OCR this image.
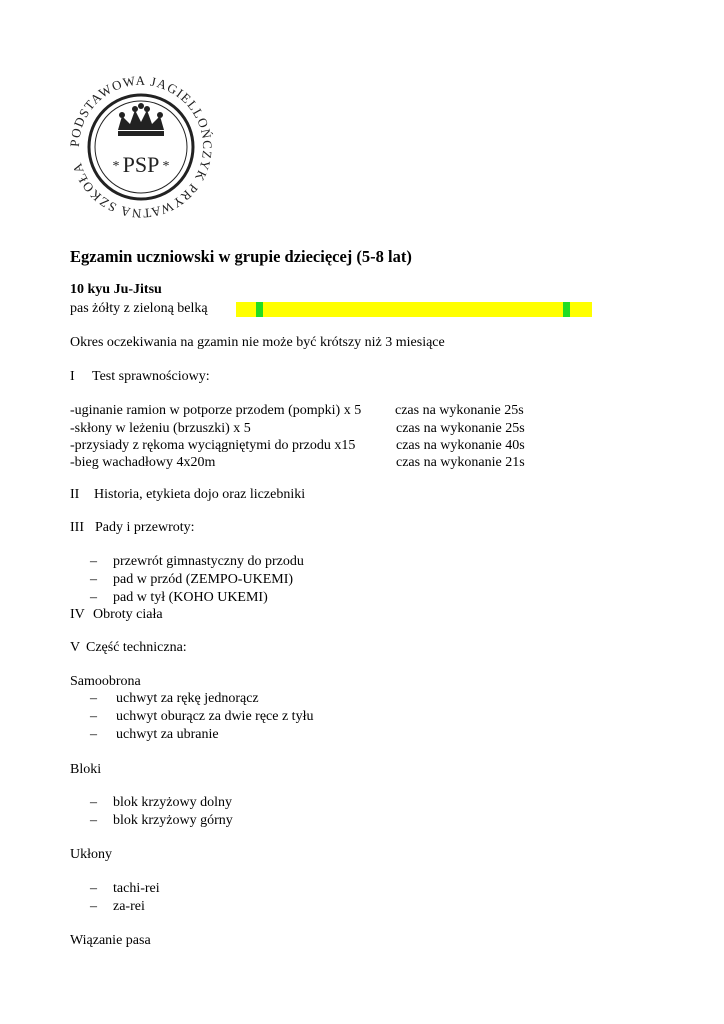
PODSTAWOWA JAGIELLOŃCZYK PRYWATNA SZKOŁA	PSP
*	*
Egzamin uczniowski w grupie dziecięcej (5-8 lat)
10 kyu Ju-Jitsu
pas żółty z zieloną belką
Okres oczekiwania na gzamin nie może być krótszy niż 3 miesiące
I Test sprawnościowy:
-uginanie ramion w potporze przodem (pompki) x 5 czas na wykonanie 25s
-skłony w leżeniu (brzuszki) x 5	czas na wykonanie 25s
-przysiady z rękoma wyciągniętymi do przodu x15	czas na wykonanie 40s
-bieg wachadłowy 4x20m	czas na wykonanie 21s
II Historia, etykieta dojo oraz liczebniki
III Pady i przewroty:
– przewrót gimnastyczny do przodu
– pad w przód (ZEMPO-UKEMI)
– pad w tył (KOHO UKEMI)
IV Obroty ciała
V Część techniczna:
Samoobrona
– uchwyt za rękę jednorącz
– uchwyt oburącz za dwie ręce z tyłu
– uchwyt za ubranie
Bloki
– blok krzyżowy dolny
– blok krzyżowy górny
Ukłony
– tachi-rei
– za-rei
Wiązanie pasa
